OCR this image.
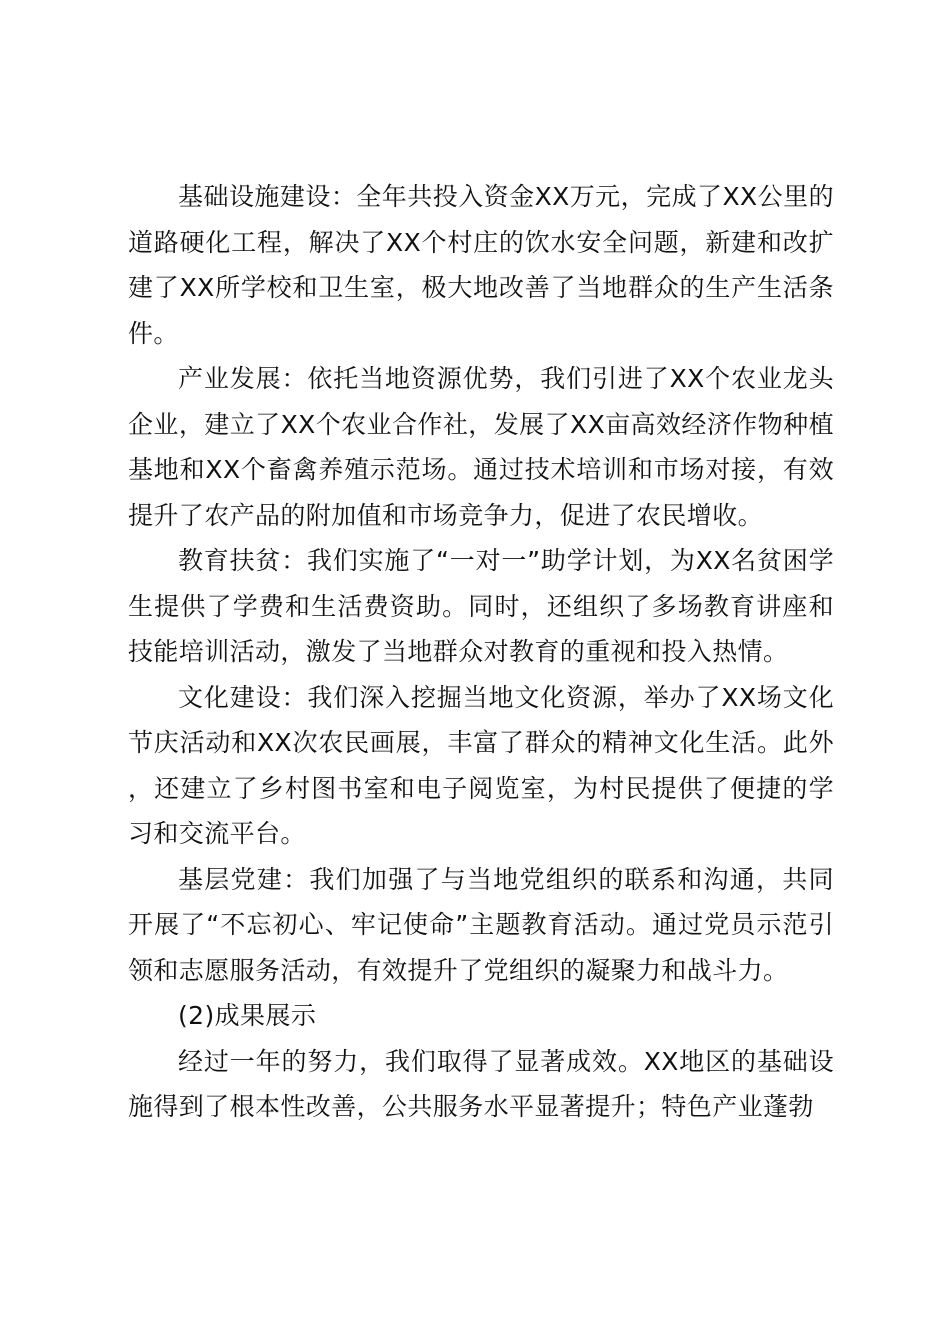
基础设施建设：全年共投入资金XX万元，完成了XX公里的道路硬化工程，解决了XX个村庄的饮水安全问题，新建和改扩建了XX所学校和卫生室，极大地改善了当地群众的生产生活条件。

产业发展：依托当地资源优势，我们引进了XX个农业龙头企业，建立了XX个农业合作社，发展了XX亩高效经济作物种植基地和XX个畜禽养殖示范场。通过技术培训和市场对接，有效提升了农产品的附加值和市场竞争力，促进了农民增收。

教育扶贫：我们实施了“一对一”助学计划，为XX名贫困学生提供了学费和生活费资助。同时，还组织了多场教育讲座和技能培训活动，激发了当地群众对教育的重视和投入热情。

文化建设：我们深入挖掘当地文化资源，举办了XX场文化节庆活动和XX次农民画展，丰富了群众的精神文化生活。此外，还建立了乡村图书室和电子阅览室，为村民提供了便捷的学习和交流平台。

基层党建：我们加强了与当地党组织的联系和沟通，共同开展了“不忘初心、牢记使命”主题教育活动。通过党员示范引领和志愿服务活动，有效提升了党组织的凝聚力和战斗力。

(2)成果展示

经过一年的努力，我们取得了显著成效。XX地区的基础设施得到了根本性改善，公共服务水平显著提升；特色产业蓬勃
